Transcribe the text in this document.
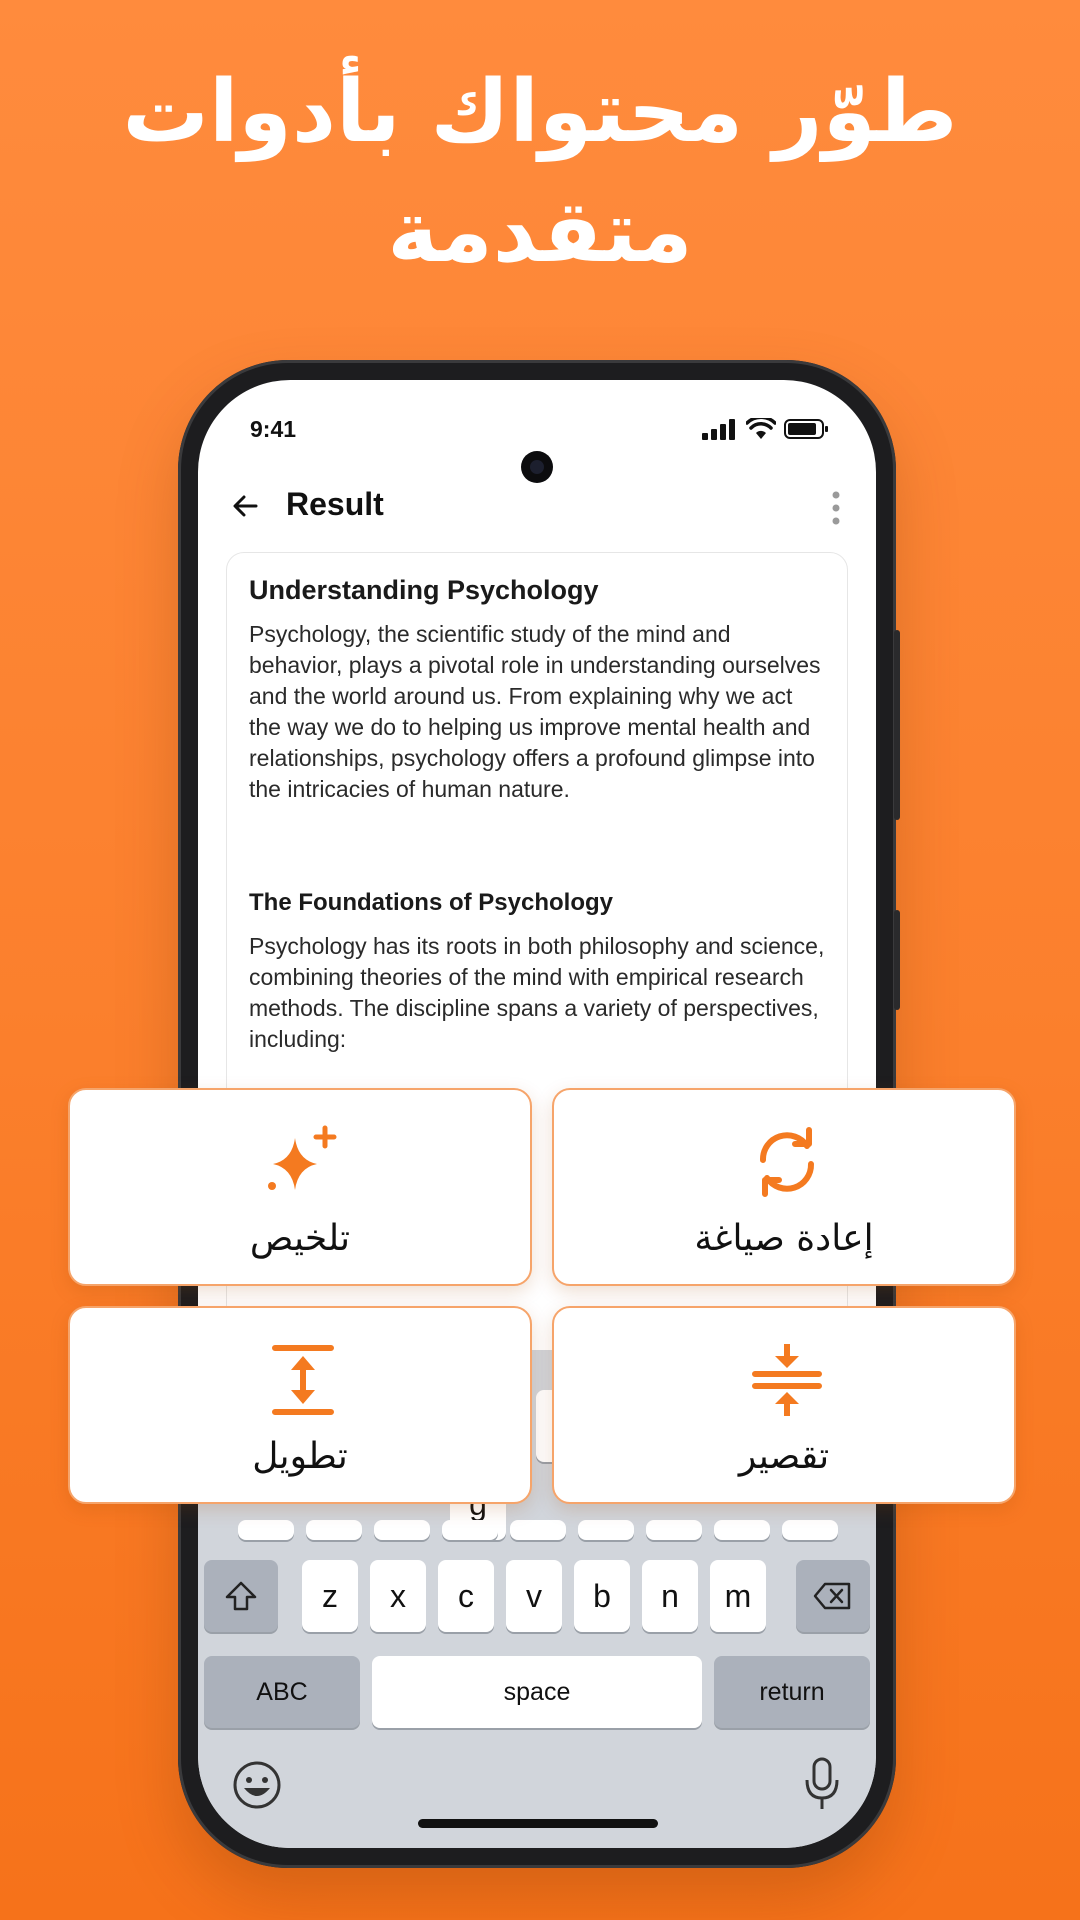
طوّر محتواك بأدوات متقدمة
9:41
Result
Understanding Psychology
Psychology, the scientific study of the mind and behavior, plays a pivotal role in understanding ourselves and the world around us. From explaining why we act the way we do to helping us improve mental health and relationships, psychology offers a profound glimpse into the intricacies of human nature.
The Foundations of Psychology
Psychology has its roots in both philosophy and science, combining theories of the mind with empirical research methods. The discipline spans a variety of perspectives, including:
z	x	c	v	b	n	m
ABC	space	return
تلخيص	إعادة صياغة
تطويل	تقصير
